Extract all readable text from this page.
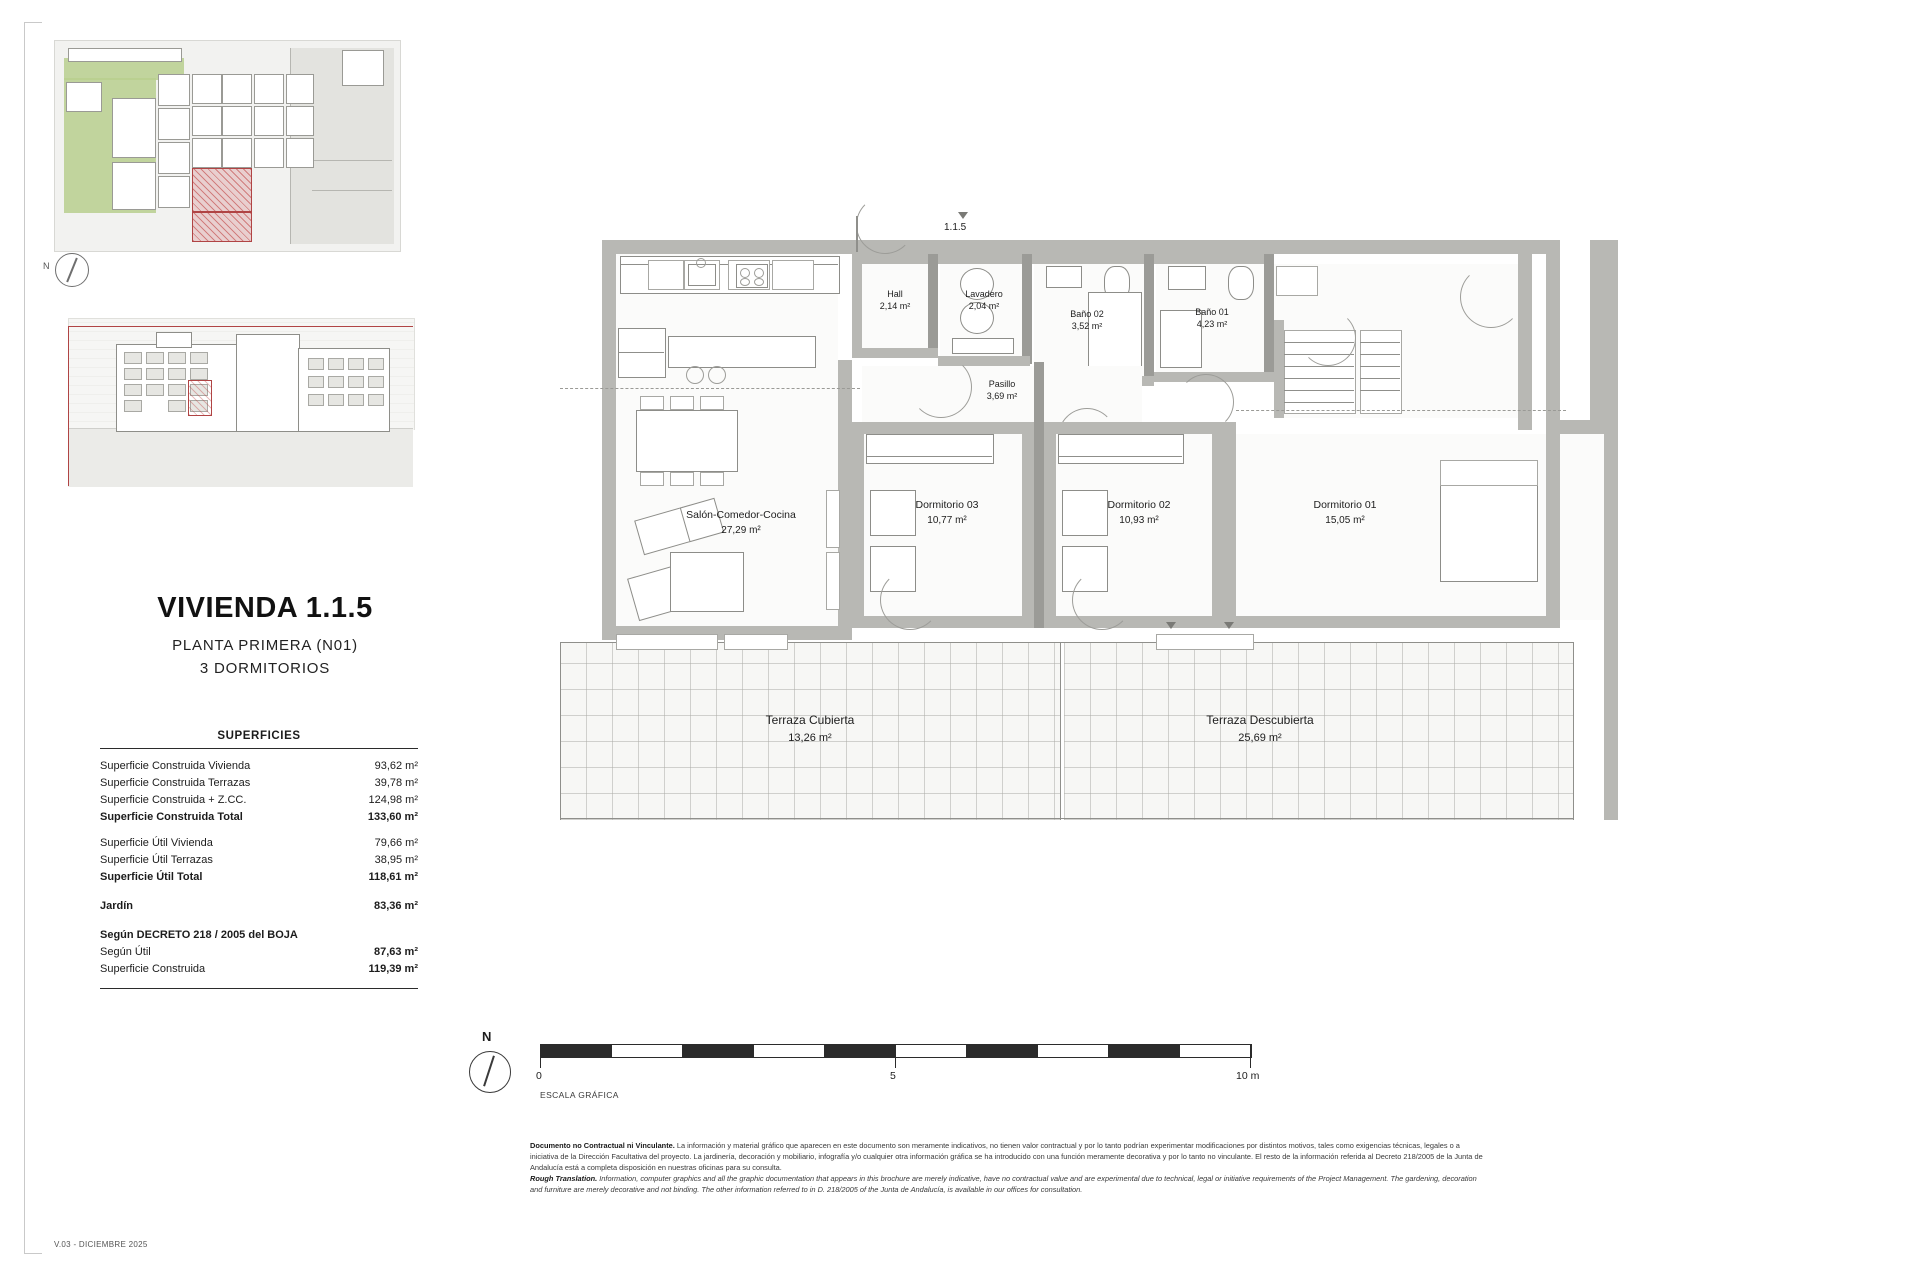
N
VIVIENDA 1.1.5
PLANTA PRIMERA (N01)
3 DORMITORIOS
SUPERFICIES
Superficie Construida Vivienda	93,62 m²
Superficie Construida Terrazas	39,78 m²
Superficie Construida + Z.CC.	124,98 m²
Superficie Construida Total	133,60 m²
Superficie Útil Vivienda	79,66 m²
Superficie Útil Terrazas	38,95 m²
Superficie Útil Total	118,61 m²
Jardín	83,36 m²
Según DECRETO 218 / 2005 del BOJA
Según Útil	87,63 m²
Superficie Construida	119,39 m²
V.03 - DICIEMBRE 2025
1.1.5
Salón-Comedor-Cocina
27,29 m²
Hall
2,14 m²
Lavadero
2,04 m²
Baño 02
3,52 m²
Baño 01
4,23 m²
Pasillo
3,69 m²
Dormitorio 03
10,77 m²
Dormitorio 02
10,93 m²
Dormitorio 01
15,05 m²
Terraza Cubierta
13,26 m²
Terraza Descubierta
25,69 m²
N
0	5	10 m
ESCALA GRÁFICA

Documento no Contractual ni Vinculante. La información y material gráfico que aparecen en este documento son meramente indicativos, no tienen valor contractual y por lo tanto podrían experimentar modificaciones por distintos motivos, tales como exigencias técnicas, legales o a iniciativa de la Dirección Facultativa del proyecto. La jardinería, decoración y mobiliario, infografía y/o cualquier otra información gráfica se ha introducido con una función meramente decorativa y por lo tanto no vinculante. El resto de la información referida al Decreto 218/2005 de la Junta de Andalucía está a completa disposición en nuestras oficinas para su consulta.

Rough Translation. Information, computer graphics and all the graphic documentation that appears in this brochure are merely indicative, have no contractual value and are experimental due to technical, legal or initiative requirements of the Project Management. The gardening, decoration and furniture are merely decorative and not binding. The other information referred to in D. 218/2005 of the Junta de Andalucía, is available in our offices for consultation.
